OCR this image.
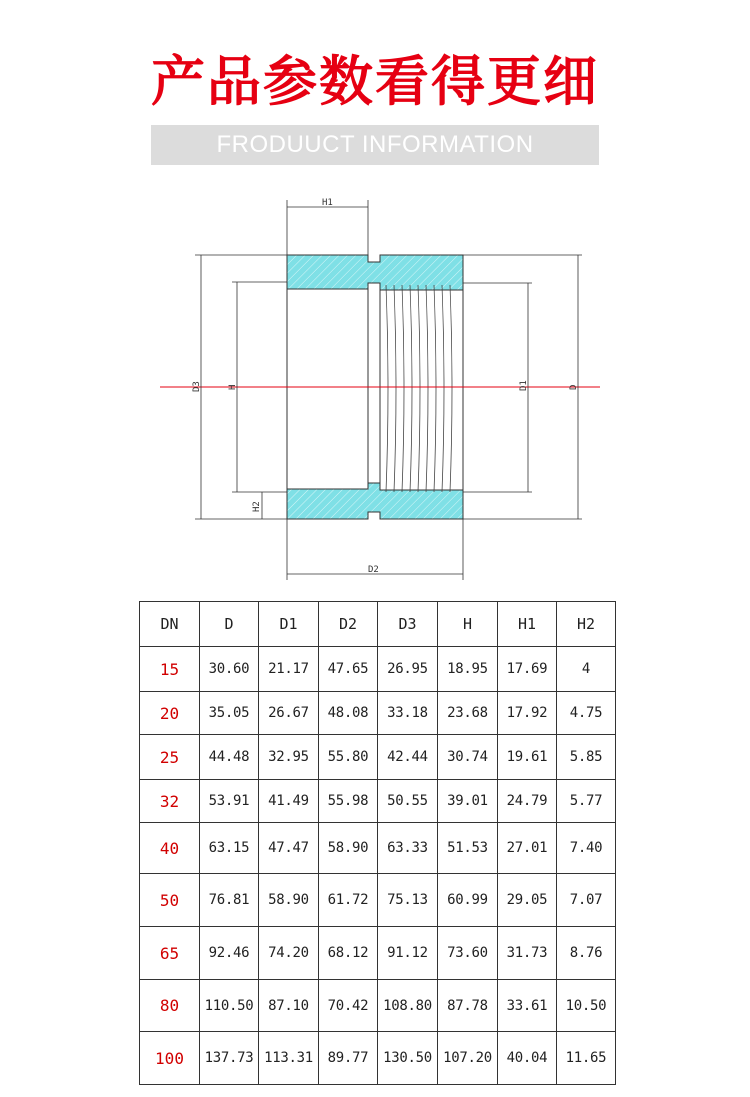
产品参数看得更细
FRODUUCT INFORMATION
H1
D2
D3	H
H2
D1	D
DN	D	D1	D2	D3	H	H1	H2
15	30.60	21.17	47.65	26.95	18.95	17.69	4
20	35.05	26.67	48.08	33.18	23.68	17.92	4.75
25	44.48	32.95	55.80	42.44	30.74	19.61	5.85
32	53.91	41.49	55.98	50.55	39.01	24.79	5.77
40	63.15	47.47	58.90	63.33	51.53	27.01	7.40
50	76.81	58.90	61.72	75.13	60.99	29.05	7.07
65	92.46	74.20	68.12	91.12	73.60	31.73	8.76
80	110.50	87.10	70.42	108.80	87.78	33.61	10.50
100	137.73	113.31	89.77	130.50	107.20	40.04	11.65
